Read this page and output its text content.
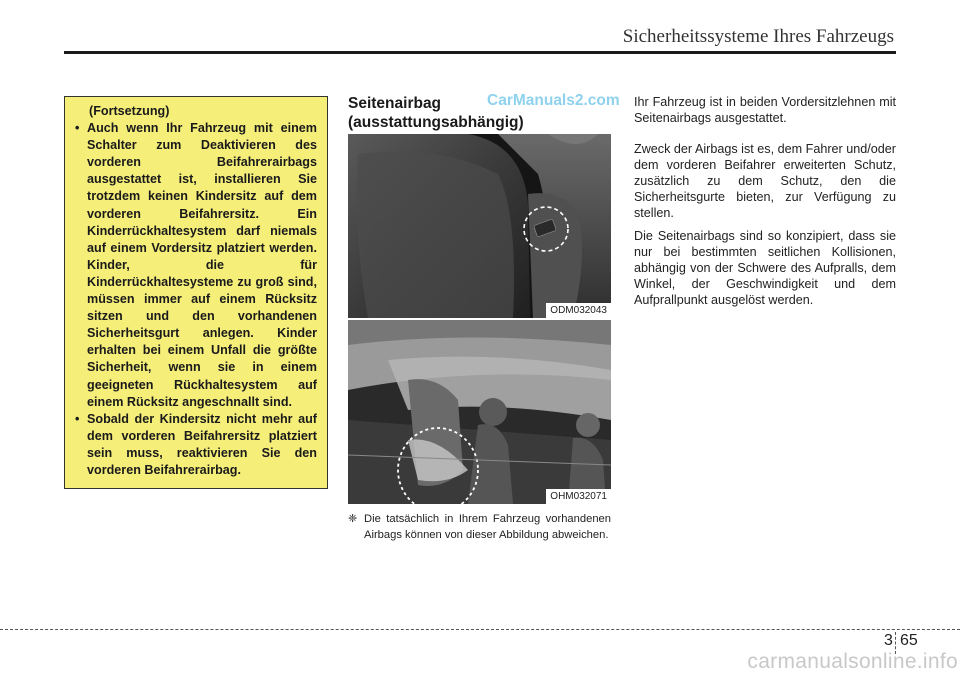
Sicherheitssysteme Ihres Fahrzeugs
(Fortsetzung)
• Auch wenn Ihr Fahrzeug mit einem Schalter zum Deaktivieren des vorderen Beifahrerairbags ausgestattet ist, installieren Sie trotzdem keinen Kindersitz auf dem vorderen Beifahrersitz. Ein Kinderrückhaltesystem darf niemals auf einem Vordersitz platziert werden. Kinder, die für Kinderrückhaltesysteme zu groß sind, müssen immer auf einem Rücksitz sitzen und den vorhandenen Sicherheitsgurt anlegen. Kinder erhalten bei einem Unfall die größte Sicherheit, wenn sie in einem geeigneten Rückhaltesystem auf einem Rücksitz angeschnallt sind.
• Sobald der Kindersitz nicht mehr auf dem vorderen Beifahrersitz platziert sein muss, reaktivieren Sie den vorderen Beifahrerairbag.
Seitenairbag
(ausstattungsabhängig)
CarManuals2.com
ODM032043
OHM032071
❈ Die tatsächlich in Ihrem Fahrzeug vorhandenen Airbags können von dieser Abbildung abweichen.

Ihr Fahrzeug ist in beiden Vordersitzlehnen mit Seitenairbags ausgestattet.

Zweck der Airbags ist es, dem Fahrer und/oder dem vorderen Beifahrer erweiterten Schutz, zusätzlich zu dem Schutz, den die Sicherheitsgurte bieten, zur Verfügung zu stellen.

Die Seitenairbags sind so konzipiert, dass sie nur bei bestimmten seitlichen Kollisionen, abhängig von der Schwere des Aufpralls, dem Winkel, der Geschwindigkeit und dem Aufprallpunkt ausgelöst werden.

3 65
carmanualsonline.info
